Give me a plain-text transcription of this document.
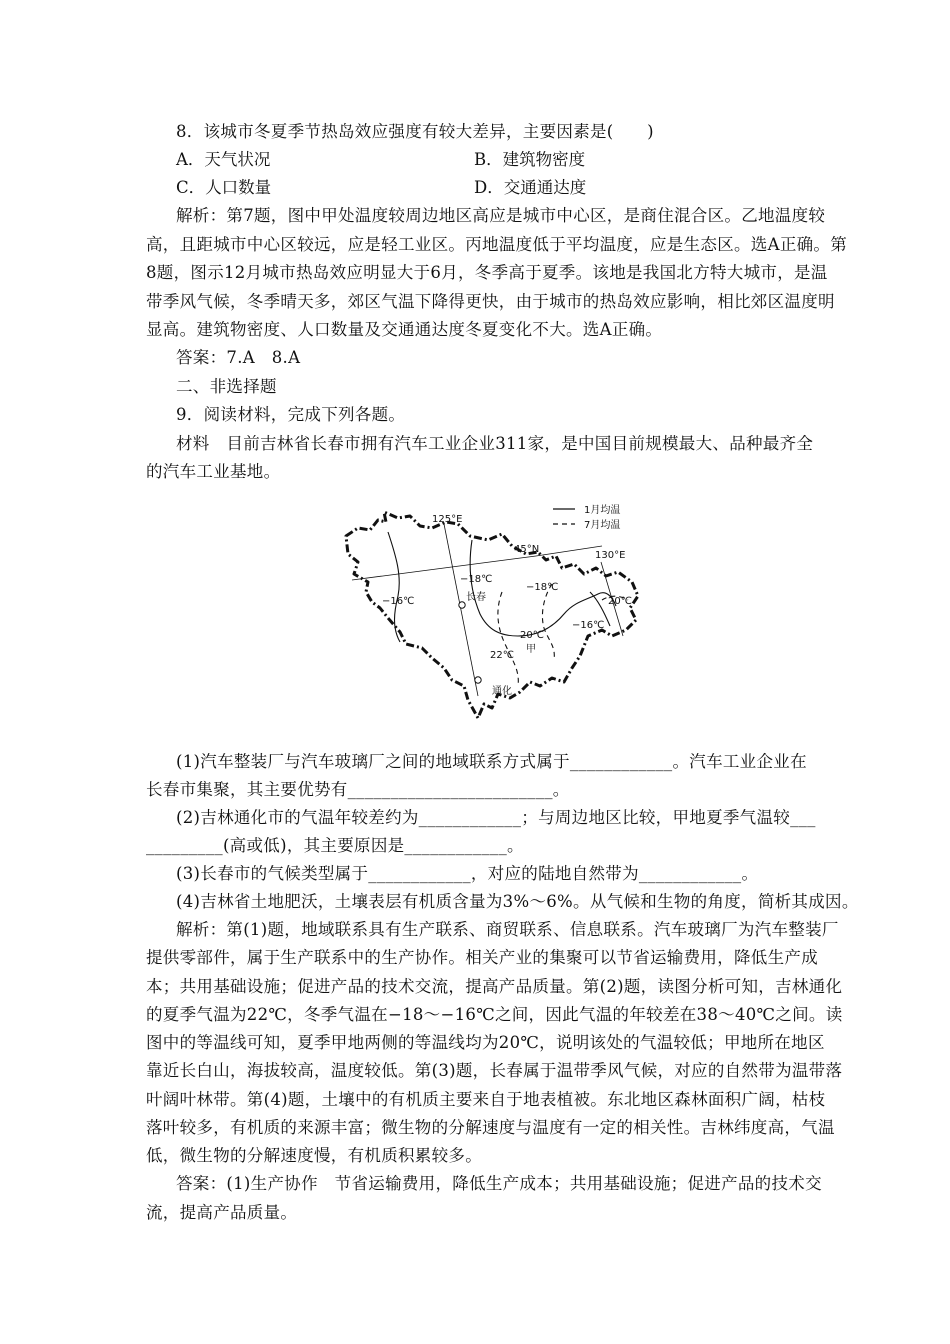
8．该城市冬夏季节热岛效应强度有较大差异，主要因素是(　　)
A．天气状况	B．建筑物密度
C．人口数量	D．交通通达度
解析：第7题，图中甲处温度较周边地区高应是城市中心区，是商住混合区。乙地温度较
高，且距城市中心区较远，应是轻工业区。丙地温度低于平均温度，应是生态区。选A正确。第
8题，图示12月城市热岛效应明显大于6月，冬季高于夏季。该地是我国北方特大城市，是温
带季风气候，冬季晴天多，郊区气温下降得更快，由于城市的热岛效应影响，相比郊区温度明
显高。建筑物密度、人口数量及交通通达度冬夏变化不大。选A正确。
答案：7.A　8.A
二、非选择题
9．阅读材料，完成下列各题。
材料　目前吉林省长春市拥有汽车工业企业311家，是中国目前规模最大、品种最齐全
的汽车工业基地。
1月均温
7月均温
125°E
130°E
45°N
−16℃
−18℃
长春
−18℃
20℃
−16℃
20℃
甲
22℃
通化
(1)汽车整装厂与汽车玻璃厂之间的地域联系方式属于____________。汽车工业企业在
长春市集聚，其主要优势有________________________。
(2)吉林通化市的气温年较差约为____________；与周边地区比较，甲地夏季气温较___
_________(高或低)，其主要原因是____________。
(3)长春市的气候类型属于____________，对应的陆地自然带为____________。
(4)吉林省土地肥沃，土壤表层有机质含量为3%～6%。从气候和生物的角度，简析其成因。
解析：第(1)题，地域联系具有生产联系、商贸联系、信息联系。汽车玻璃厂为汽车整装厂
提供零部件，属于生产联系中的生产协作。相关产业的集聚可以节省运输费用，降低生产成
本；共用基础设施；促进产品的技术交流，提高产品质量。第(2)题，读图分析可知，吉林通化
的夏季气温为22℃，冬季气温在−18～−16℃之间，因此气温的年较差在38～40℃之间。读
图中的等温线可知，夏季甲地两侧的等温线均为20℃，说明该处的气温较低；甲地所在地区
靠近长白山，海拔较高，温度较低。第(3)题，长春属于温带季风气候，对应的自然带为温带落
叶阔叶林带。第(4)题，土壤中的有机质主要来自于地表植被。东北地区森林面积广阔，枯枝
落叶较多，有机质的来源丰富；微生物的分解速度与温度有一定的相关性。吉林纬度高，气温
低，微生物的分解速度慢，有机质积累较多。
答案：(1)生产协作　节省运输费用，降低生产成本；共用基础设施；促进产品的技术交
流，提高产品质量。
